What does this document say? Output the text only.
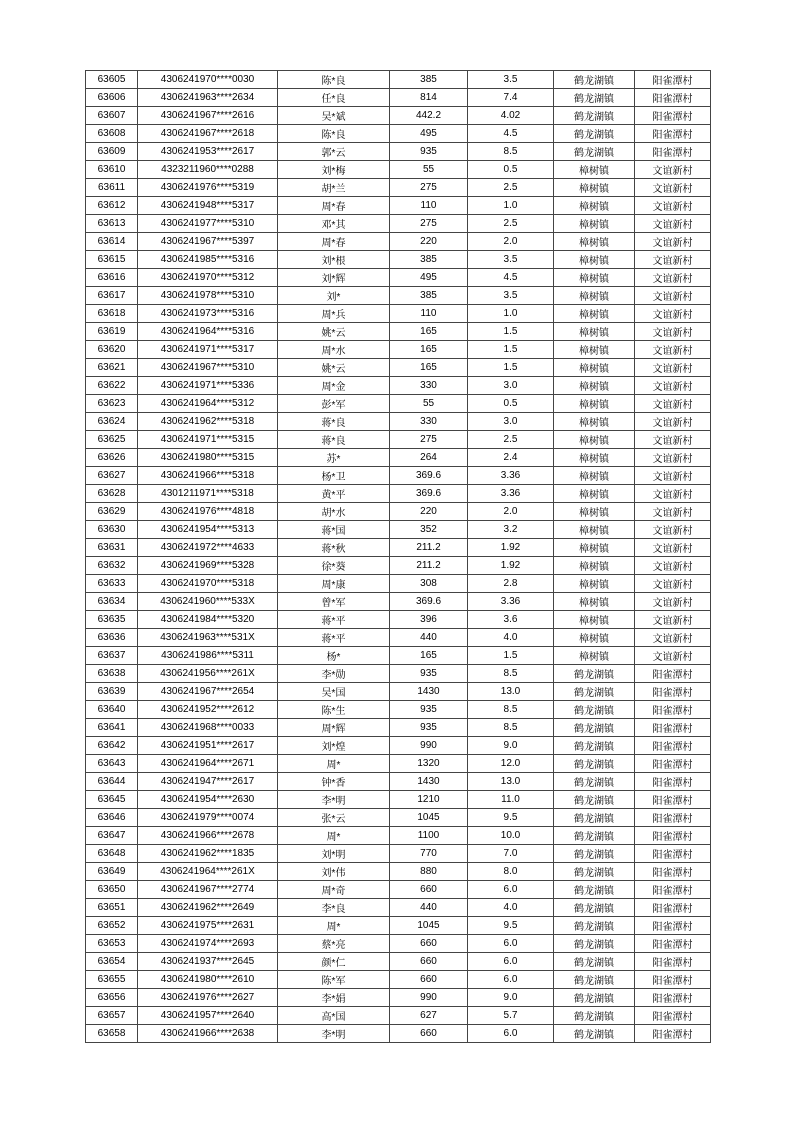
63605	4306241970****0030	陈*良	385	3.5	鹤龙湖镇	阳雀潭村
63606	4306241963****2634	任*良	814	7.4	鹤龙湖镇	阳雀潭村
63607	4306241967****2616	吴*斌	442.2	4.02	鹤龙湖镇	阳雀潭村
63608	4306241967****2618	陈*良	495	4.5	鹤龙湖镇	阳雀潭村
63609	4306241953****2617	郭*云	935	8.5	鹤龙湖镇	阳雀潭村
63610	4323211960****0288	刘*梅	55	0.5	樟树镇	文谊新村
63611	4306241976****5319	胡*兰	275	2.5	樟树镇	文谊新村
63612	4306241948****5317	周*春	110	1.0	樟树镇	文谊新村
63613	4306241977****5310	邓*其	275	2.5	樟树镇	文谊新村
63614	4306241967****5397	周*春	220	2.0	樟树镇	文谊新村
63615	4306241985****5316	刘*根	385	3.5	樟树镇	文谊新村
63616	4306241970****5312	刘*辉	495	4.5	樟树镇	文谊新村
63617	4306241978****5310	刘*	385	3.5	樟树镇	文谊新村
63618	4306241973****5316	周*兵	110	1.0	樟树镇	文谊新村
63619	4306241964****5316	姚*云	165	1.5	樟树镇	文谊新村
63620	4306241971****5317	周*水	165	1.5	樟树镇	文谊新村
63621	4306241967****5310	姚*云	165	1.5	樟树镇	文谊新村
63622	4306241971****5336	周*金	330	3.0	樟树镇	文谊新村
63623	4306241964****5312	彭*军	55	0.5	樟树镇	文谊新村
63624	4306241962****5318	蒋*良	330	3.0	樟树镇	文谊新村
63625	4306241971****5315	蒋*良	275	2.5	樟树镇	文谊新村
63626	4306241980****5315	苏*	264	2.4	樟树镇	文谊新村
63627	4306241966****5318	杨*卫	369.6	3.36	樟树镇	文谊新村
63628	4301211971****5318	黄*平	369.6	3.36	樟树镇	文谊新村
63629	4306241976****4818	胡*水	220	2.0	樟树镇	文谊新村
63630	4306241954****5313	蒋*国	352	3.2	樟树镇	文谊新村
63631	4306241972****4633	蒋*秋	211.2	1.92	樟树镇	文谊新村
63632	4306241969****5328	徐*葵	211.2	1.92	樟树镇	文谊新村
63633	4306241970****5318	周*康	308	2.8	樟树镇	文谊新村
63634	4306241960****533X	曾*军	369.6	3.36	樟树镇	文谊新村
63635	4306241984****5320	蒋*平	396	3.6	樟树镇	文谊新村
63636	4306241963****531X	蒋*平	440	4.0	樟树镇	文谊新村
63637	4306241986****5311	杨*	165	1.5	樟树镇	文谊新村
63638	4306241956****261X	李*勋	935	8.5	鹤龙湖镇	阳雀潭村
63639	4306241967****2654	吴*国	1430	13.0	鹤龙湖镇	阳雀潭村
63640	4306241952****2612	陈*生	935	8.5	鹤龙湖镇	阳雀潭村
63641	4306241968****0033	周*辉	935	8.5	鹤龙湖镇	阳雀潭村
63642	4306241951****2617	刘*煌	990	9.0	鹤龙湖镇	阳雀潭村
63643	4306241964****2671	周*	1320	12.0	鹤龙湖镇	阳雀潭村
63644	4306241947****2617	钟*香	1430	13.0	鹤龙湖镇	阳雀潭村
63645	4306241954****2630	李*明	1210	11.0	鹤龙湖镇	阳雀潭村
63646	4306241979****0074	张*云	1045	9.5	鹤龙湖镇	阳雀潭村
63647	4306241966****2678	周*	1100	10.0	鹤龙湖镇	阳雀潭村
63648	4306241962****1835	刘*明	770	7.0	鹤龙湖镇	阳雀潭村
63649	4306241964****261X	刘*伟	880	8.0	鹤龙湖镇	阳雀潭村
63650	4306241967****2774	周*奇	660	6.0	鹤龙湖镇	阳雀潭村
63651	4306241962****2649	李*良	440	4.0	鹤龙湖镇	阳雀潭村
63652	4306241975****2631	周*	1045	9.5	鹤龙湖镇	阳雀潭村
63653	4306241974****2693	蔡*亮	660	6.0	鹤龙湖镇	阳雀潭村
63654	4306241937****2645	颜*仁	660	6.0	鹤龙湖镇	阳雀潭村
63655	4306241980****2610	陈*军	660	6.0	鹤龙湖镇	阳雀潭村
63656	4306241976****2627	李*娟	990	9.0	鹤龙湖镇	阳雀潭村
63657	4306241957****2640	高*国	627	5.7	鹤龙湖镇	阳雀潭村
63658	4306241966****2638	李*明	660	6.0	鹤龙湖镇	阳雀潭村
